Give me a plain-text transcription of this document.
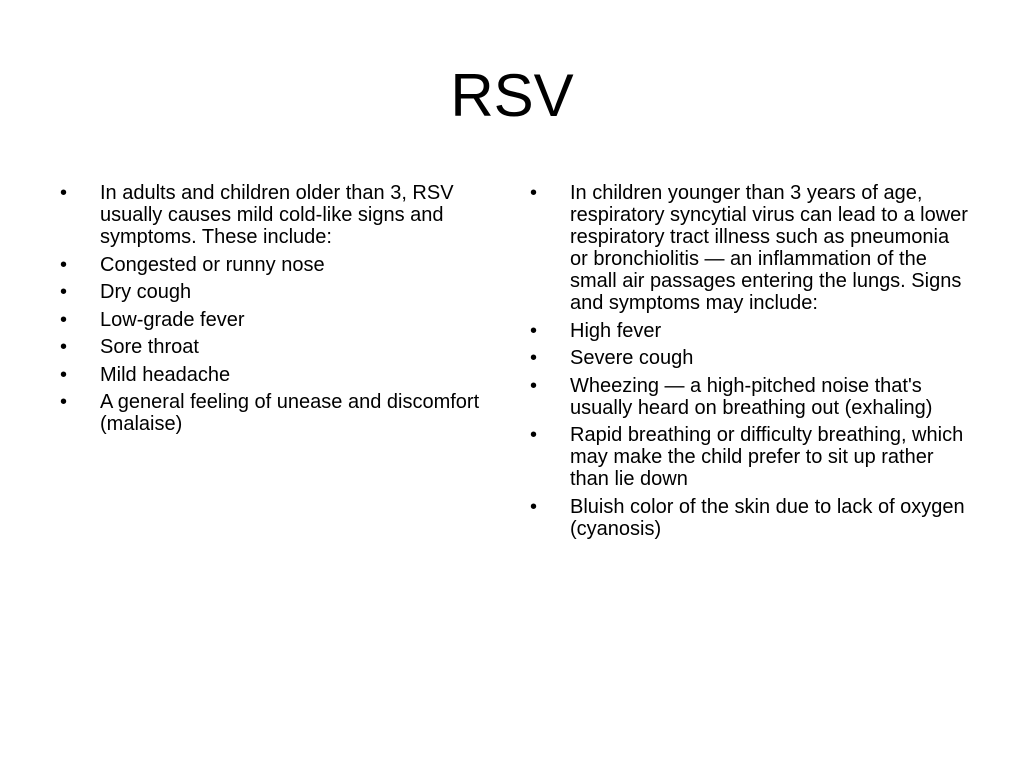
RSV
•	In adults and children older than 3, RSV usually causes mild cold-like signs and symptoms. These include:
•	Congested or runny nose
•	Dry cough
•	Low-grade fever
•	Sore throat
•	Mild headache
•	A general feeling of unease and discomfort (malaise)
•	In children younger than 3 years of age, respiratory syncytial virus can lead to a lower respiratory tract illness such as pneumonia or bronchiolitis — an inflammation of the small air passages entering the lungs. Signs and symptoms may include:
•	High fever
•	Severe cough
•	Wheezing — a high-pitched noise that's usually heard on breathing out (exhaling)
•	Rapid breathing or difficulty breathing, which may make the child prefer to sit up rather than lie down
•	Bluish color of the skin due to lack of oxygen (cyanosis)
